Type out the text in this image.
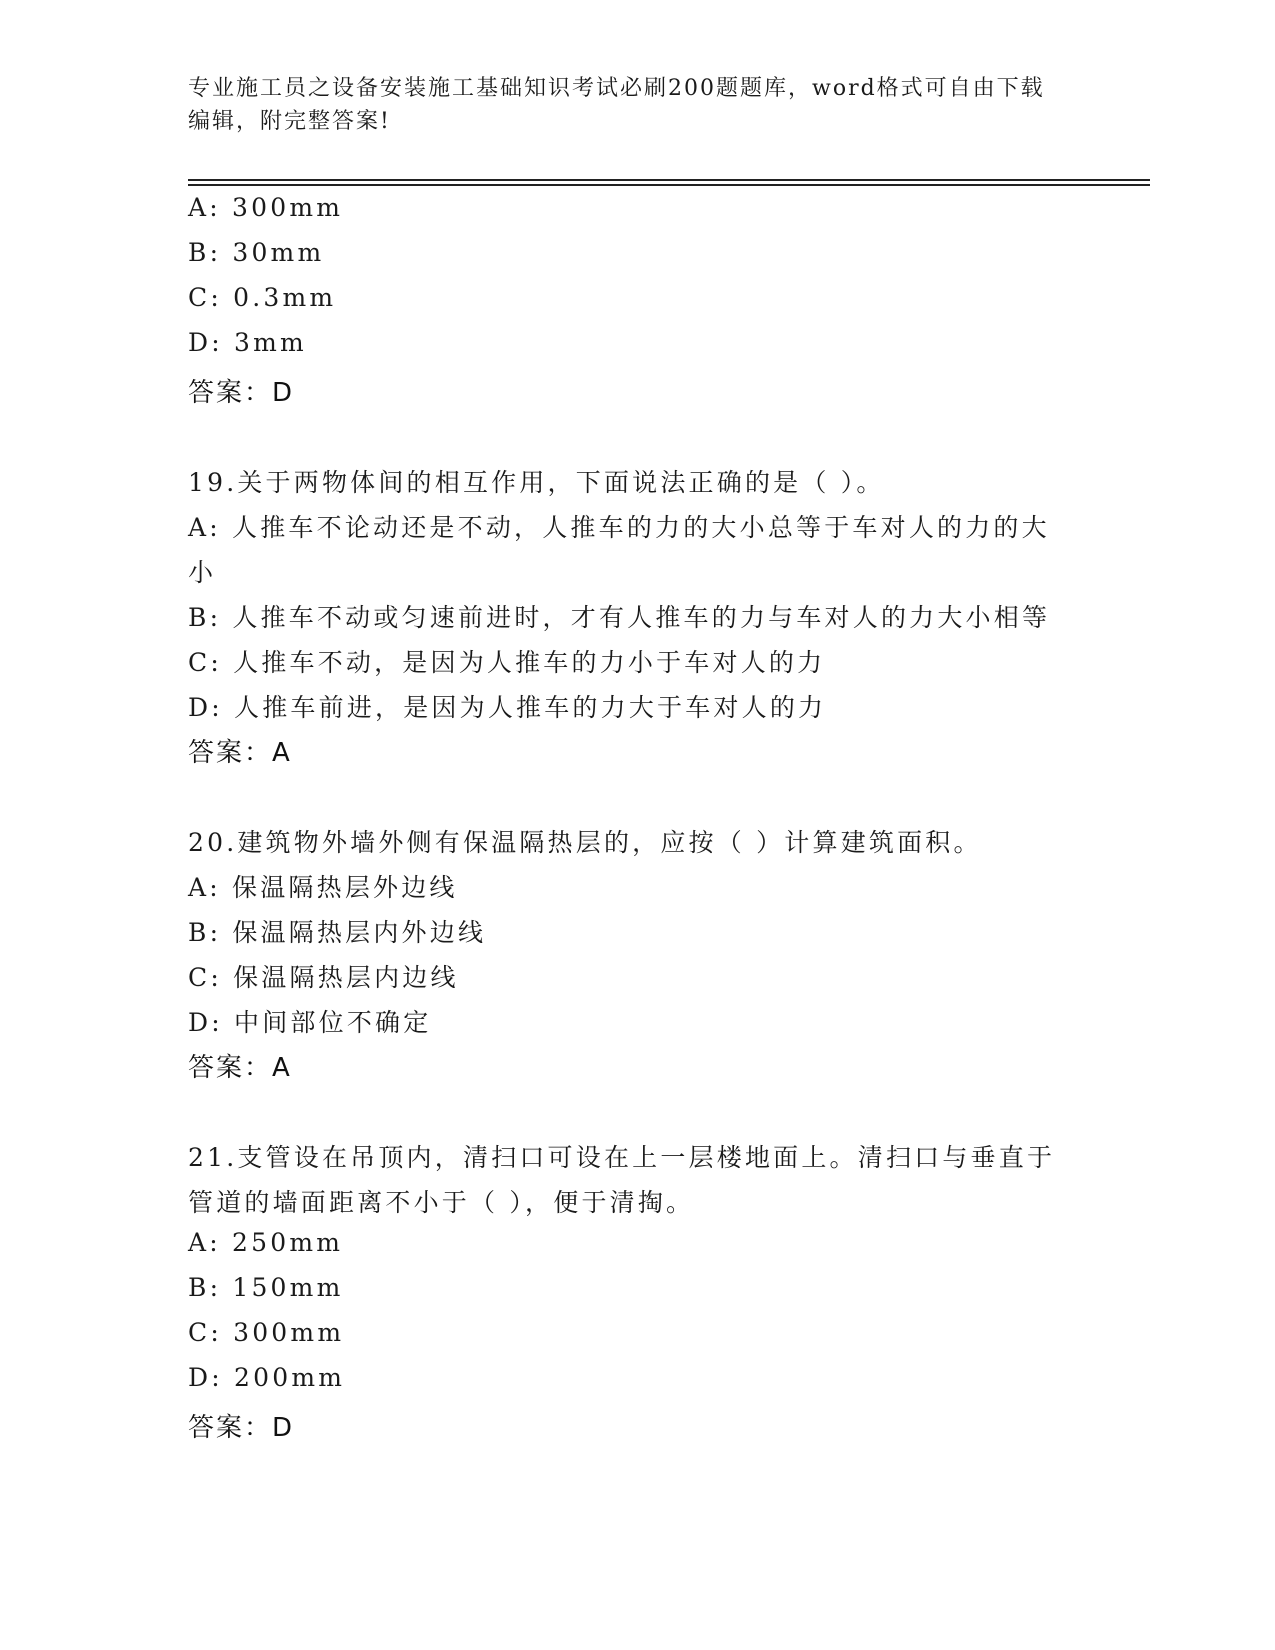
专业施工员之设备安装施工基础知识考试必刷200题题库，word格式可自由下载
编辑，附完整答案!
A: 300mm
B: 30mm
C: 0.3mm
D: 3mm
答案：D
19.关于两物体间的相互作用，下面说法正确的是（ ）。
A: 人推车不论动还是不动，人推车的力的大小总等于车对人的力的大
小
B: 人推车不动或匀速前进时，才有人推车的力与车对人的力大小相等
C: 人推车不动，是因为人推车的力小于车对人的力
D: 人推车前进，是因为人推车的力大于车对人的力
答案：A
20.建筑物外墙外侧有保温隔热层的，应按（ ）计算建筑面积。
A: 保温隔热层外边线
B: 保温隔热层内外边线
C: 保温隔热层内边线
D: 中间部位不确定
答案：A
21.支管设在吊顶内，清扫口可设在上一层楼地面上。清扫口与垂直于
管道的墙面距离不小于（ ），便于清掏。
A: 250mm
B: 150mm
C: 300mm
D: 200mm
答案：D
